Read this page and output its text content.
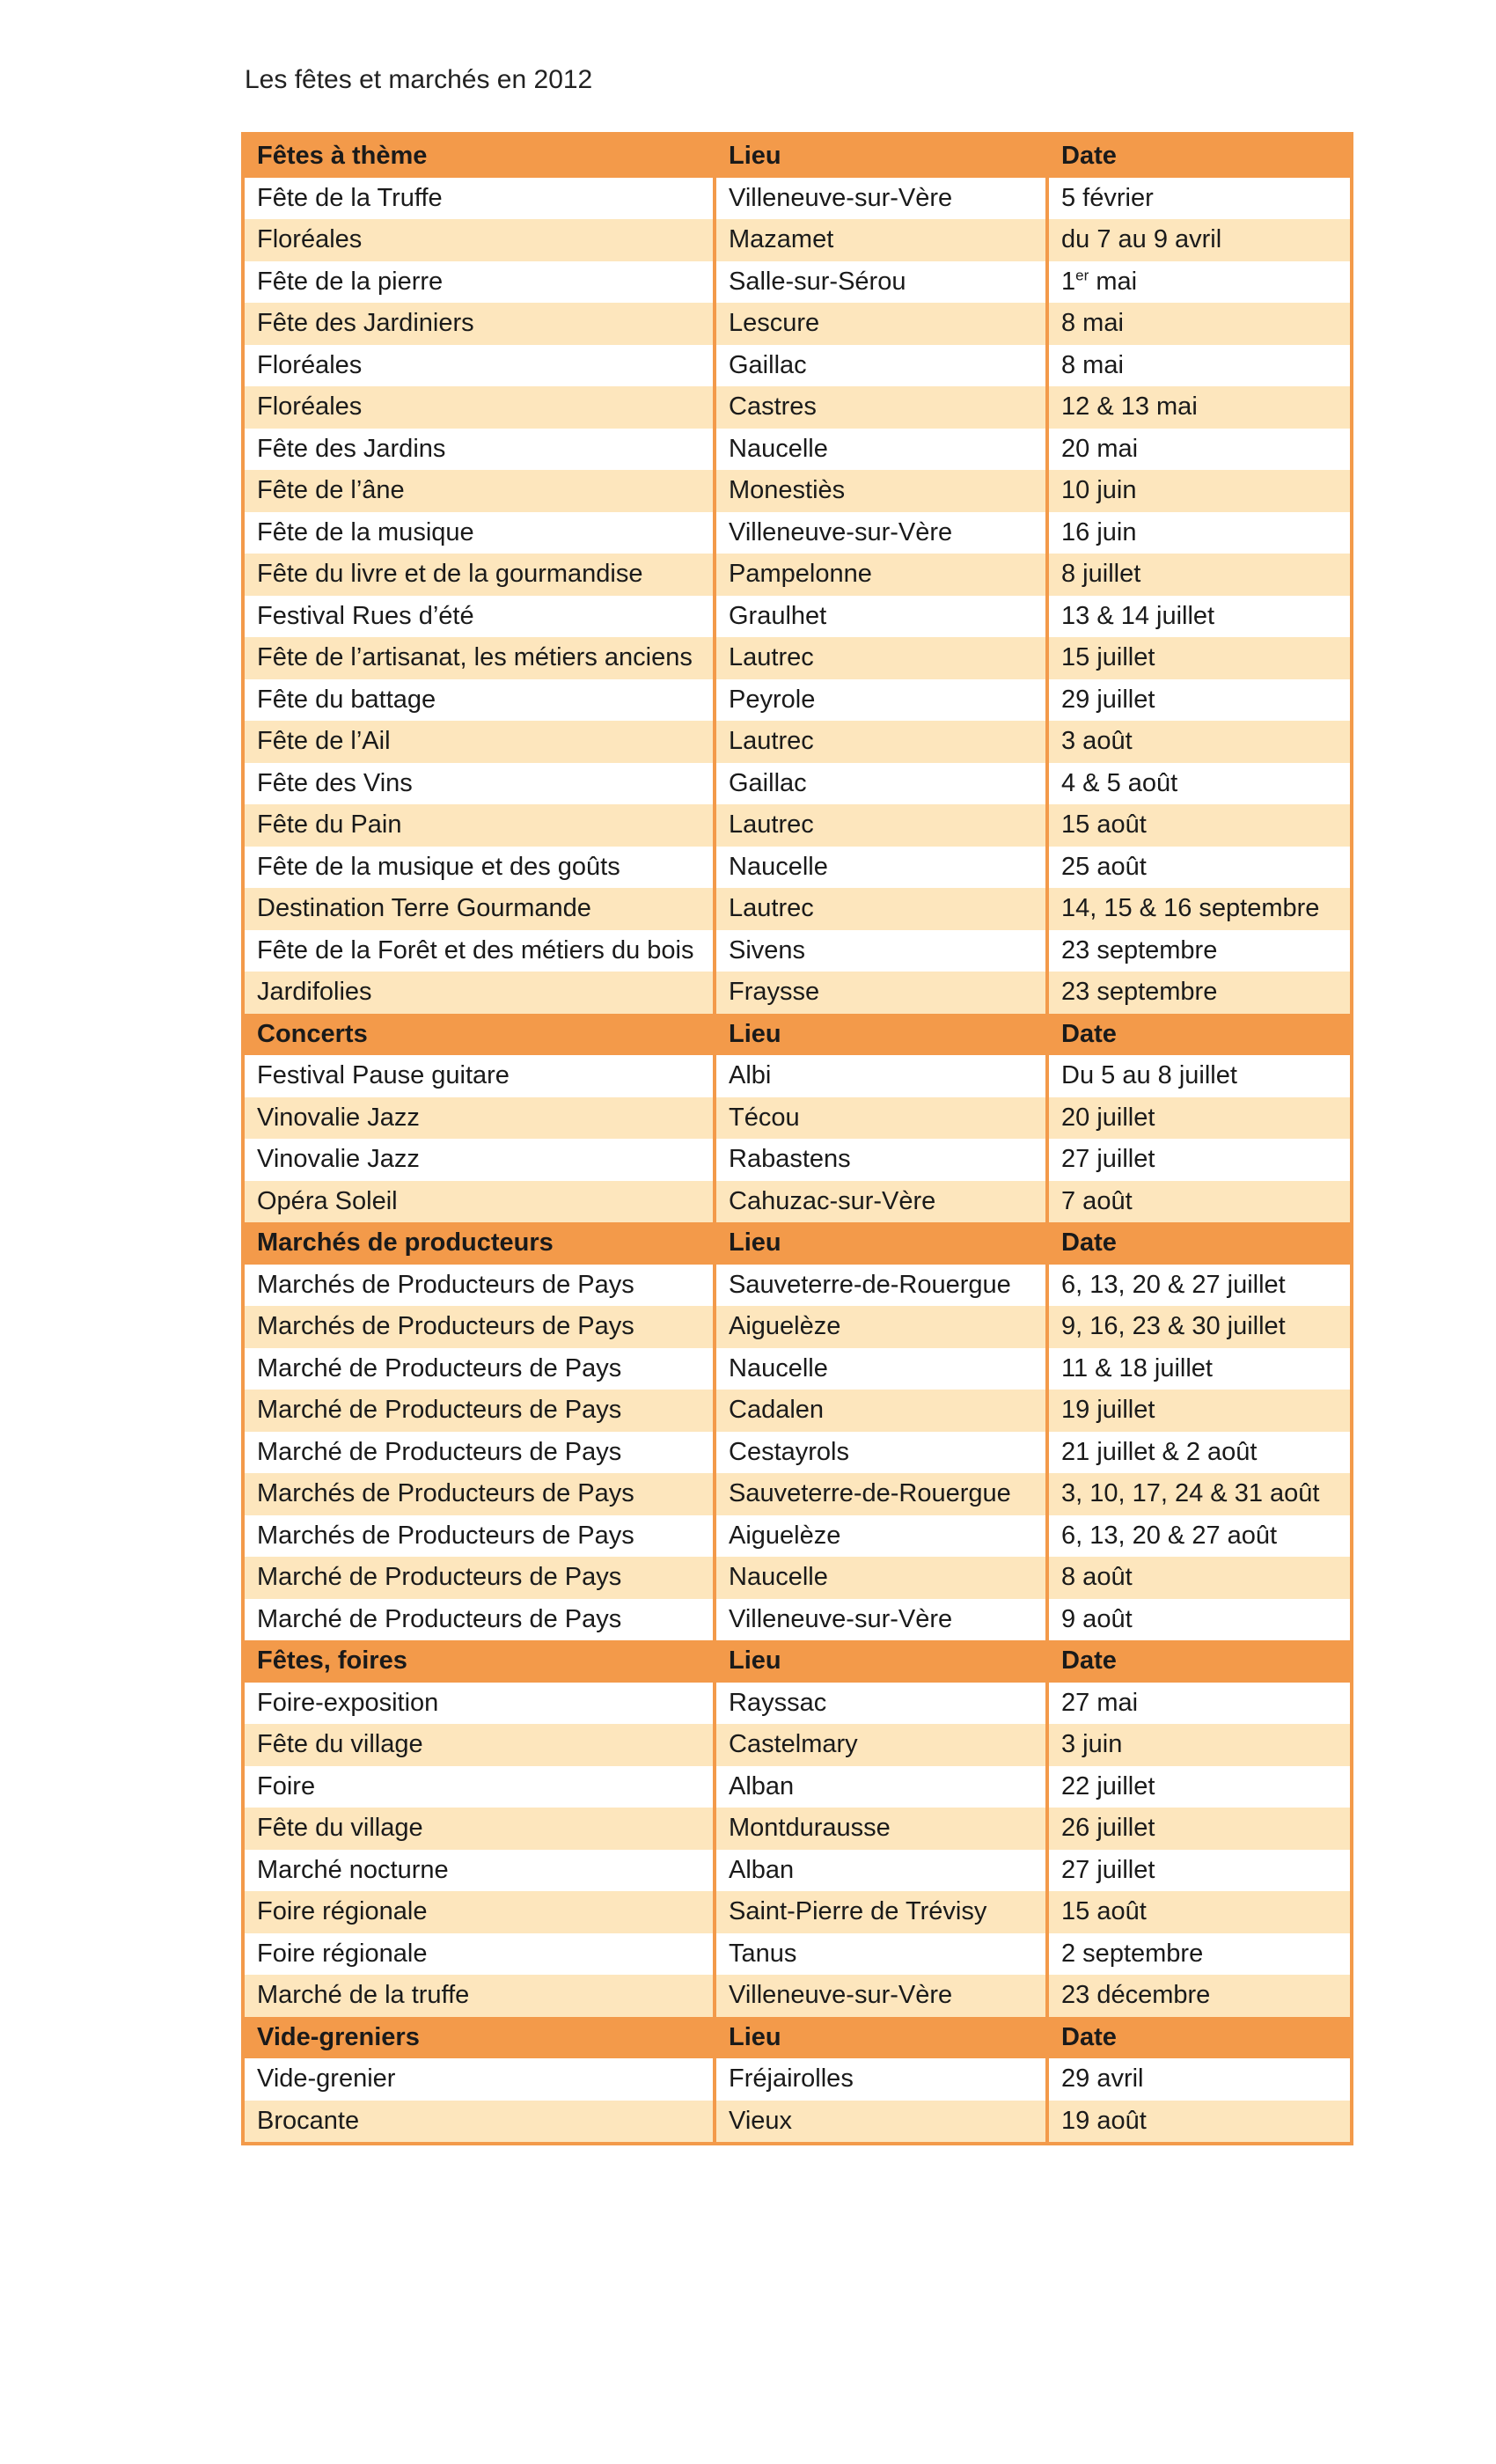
Les fêtes et marchés en 2012
Fêtes à thème	Lieu	Date
Fête de la Truffe	Villeneuve-sur-Vère	5 février
Floréales	Mazamet	du 7 au 9 avril
Fête de la pierre	Salle-sur-Sérou	1er mai
Fête des Jardiniers	Lescure	8 mai
Floréales	Gaillac	8 mai
Floréales	Castres	12 & 13 mai
Fête des Jardins	Naucelle	20 mai
Fête de l’âne	Monestiès	10 juin
Fête de la musique	Villeneuve-sur-Vère	16 juin
Fête du livre et de la gourmandise	Pampelonne	8 juillet
Festival Rues d’été	Graulhet	13 & 14 juillet
Fête de l’artisanat, les métiers anciens	Lautrec	15 juillet
Fête du battage	Peyrole	29 juillet
Fête de l’Ail	Lautrec	3 août
Fête des Vins	Gaillac	4 & 5 août
Fête du Pain	Lautrec	15 août
Fête de la musique et des goûts	Naucelle	25 août
Destination Terre Gourmande	Lautrec	14, 15 & 16 septembre
Fête de la Forêt et des métiers du bois	Sivens	23 septembre
Jardifolies	Fraysse	23 septembre
Concerts	Lieu	Date
Festival Pause guitare	Albi	Du 5 au 8 juillet
Vinovalie Jazz	Técou	20 juillet
Vinovalie Jazz	Rabastens	27 juillet
Opéra Soleil	Cahuzac-sur-Vère	7 août
Marchés de producteurs	Lieu	Date
Marchés de Producteurs de Pays	Sauveterre-de-Rouergue	6, 13, 20 & 27 juillet
Marchés de Producteurs de Pays	Aiguelèze	9, 16, 23 & 30 juillet
Marché de Producteurs de Pays	Naucelle	11 & 18 juillet
Marché de Producteurs de Pays	Cadalen	19 juillet
Marché de Producteurs de Pays	Cestayrols	21 juillet & 2 août
Marchés de Producteurs de Pays	Sauveterre-de-Rouergue	3, 10, 17, 24 & 31 août
Marchés de Producteurs de Pays	Aiguelèze	6, 13, 20 & 27 août
Marché de Producteurs de Pays	Naucelle	8 août
Marché de Producteurs de Pays	Villeneuve-sur-Vère	9 août
Fêtes, foires	Lieu	Date
Foire-exposition	Rayssac	27 mai
Fête du village	Castelmary	3 juin
Foire	Alban	22 juillet
Fête du village	Montdurausse	26 juillet
Marché nocturne	Alban	27 juillet
Foire régionale	Saint-Pierre de Trévisy	15 août
Foire régionale	Tanus	2 septembre
Marché de la truffe	Villeneuve-sur-Vère	23 décembre
Vide-greniers	Lieu	Date
Vide-grenier	Fréjairolles	29 avril
Brocante	Vieux	19 août
